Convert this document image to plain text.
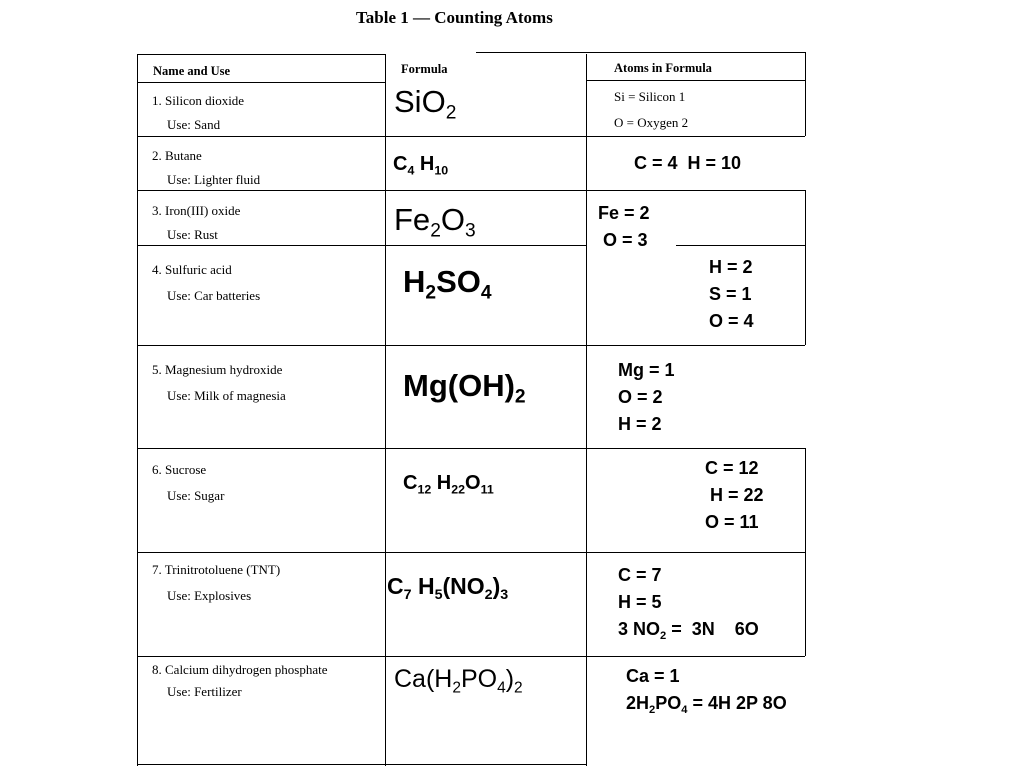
Table 1 — Counting Atoms
Name and Use	Formula	Atoms in Formula
1. Silicon dioxide
Use: Sand
2. Butane
Use: Lighter fluid
3. Iron(III) oxide
Use: Rust
4. Sulfuric acid
Use: Car batteries
5. Magnesium hydroxide
Use: Milk of magnesia
6. Sucrose
Use: Sugar
7. Trinitrotoluene (TNT)
Use: Explosives
8. Calcium dihydrogen phosphate
Use: Fertilizer
SiO$_2$
$C_4$ $H_{10}$
$Fe_2O_3$
$H_2SO_4$
$Mg(OH)_2$
$C_{12}$ $H_{22}O_{11}$
$C_7$ $H_5(NO_2)_3$
$Ca(H_2PO_4)_2$
Si = Silicon 1
O = Oxygen 2
C = 4  H = 10
Fe = 2
O = 3
H = 2
S = 1
O = 4
Mg = 1
O = 2
H = 2
C = 12
H = 22
O = 11
C = 7
H = 5
3 $NO_2 = 3N$    6O
Ca = 1
$2H_2PO_4 = 4H$ 2P 8O
